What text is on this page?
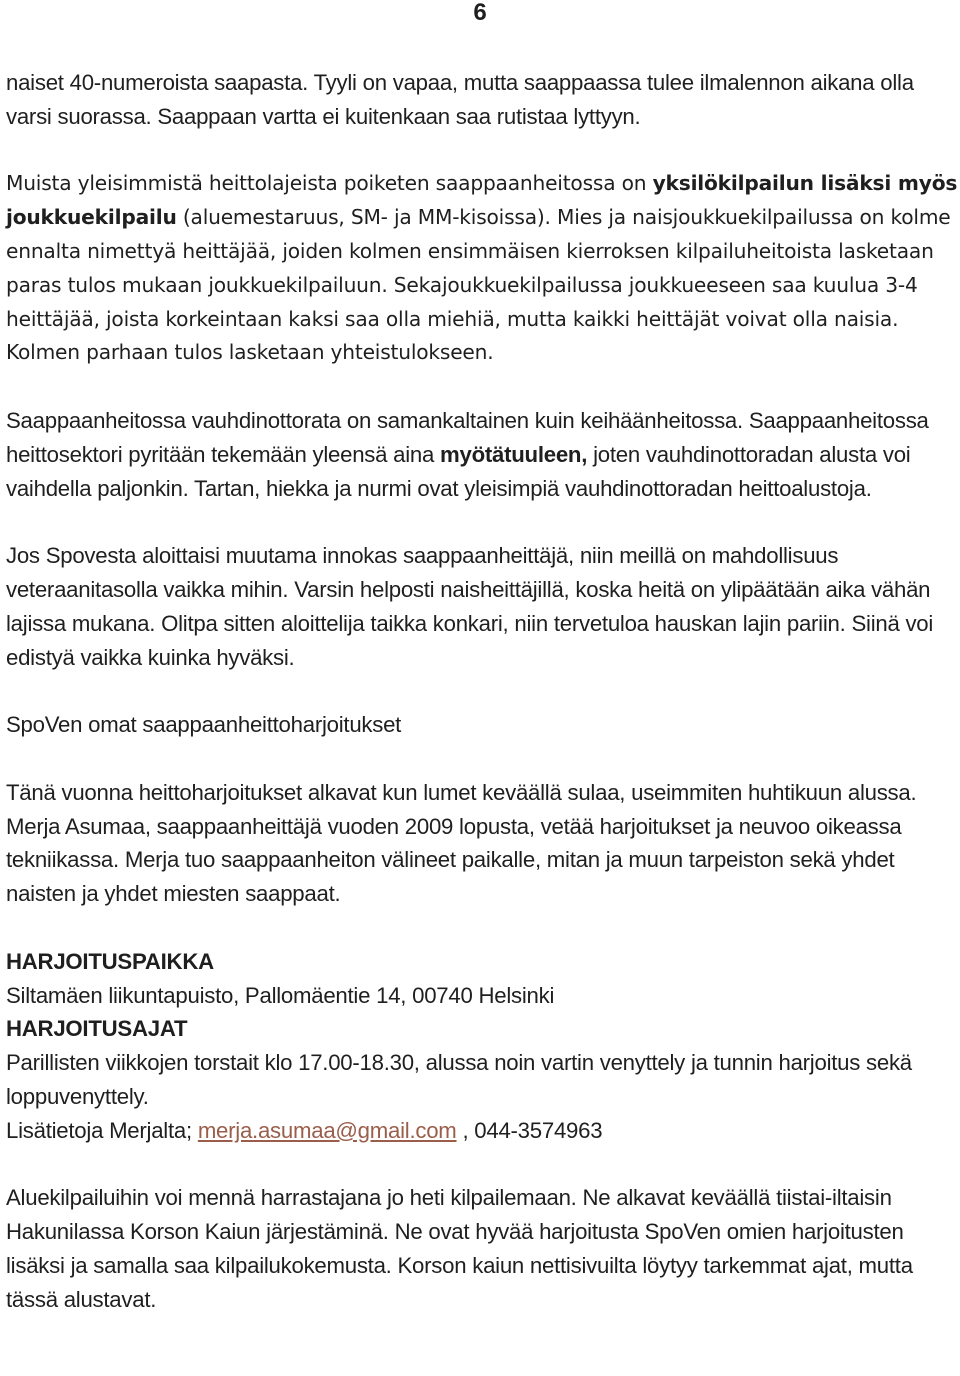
6

naiset 40-numeroista saapasta. Tyyli on vapaa, mutta saappaassa tulee ilmalennon aikana olla varsi suorassa. Saappaan vartta ei kuitenkaan saa rutistaa lyttyyn.

Muista yleisimmistä heittolajeista poiketen saappaanheitossa on yksilökilpailun lisäksi myös joukkuekilpailu (aluemestaruus, SM- ja MM-kisoissa). Mies ja naisjoukkuekilpailussa on kolme ennalta nimettyä heittäjää, joiden kolmen ensimmäisen kierroksen kilpailuheitoista lasketaan paras tulos mukaan joukkuekilpailuun. Sekajoukkuekilpailussa joukkueeseen saa kuulua 3-4 heittäjää, joista korkeintaan kaksi saa olla miehiä, mutta kaikki heittäjät voivat olla naisia. Kolmen parhaan tulos lasketaan yhteistulokseen.

Saappaanheitossa vauhdinottorata on samankaltainen kuin keihäänheitossa. Saappaanheitossa heittosektori pyritään tekemään yleensä aina myötätuuleen, joten vauhdinottoradan alusta voi vaihdella paljonkin. Tartan, hiekka ja nurmi ovat yleisimpiä vauhdinottoradan heittoalustoja.

Jos Spovesta aloittaisi muutama innokas saappaanheittäjä, niin meillä on mahdollisuus veteraanitasolla vaikka mihin. Varsin helposti naisheittäjillä, koska heitä on ylipäätään aika vähän lajissa mukana. Olitpa sitten aloittelija taikka konkari, niin tervetuloa hauskan lajin pariin. Siinä voi edistyä vaikka kuinka hyväksi.

SpoVen omat saappaanheittoharjoitukset

Tänä vuonna heittoharjoitukset alkavat kun lumet keväällä sulaa, useimmiten huhtikuun alussa. Merja Asumaa, saappaanheittäjä vuoden 2009 lopusta, vetää harjoitukset ja neuvoo oikeassa tekniikassa. Merja tuo saappaanheiton välineet paikalle, mitan ja muun tarpeiston sekä yhdet naisten ja yhdet miesten saappaat.

HARJOITUSPAIKKA

Siltamäen liikuntapuisto, Pallomäentie 14, 00740 Helsinki

HARJOITUSAJAT

Parillisten viikkojen torstait klo 17.00-18.30, alussa noin vartin venyttely ja tunnin harjoitus sekä loppuvenyttely.

Lisätietoja Merjalta; merja.asumaa@gmail.com , 044-3574963

Aluekilpailuihin voi mennä harrastajana jo heti kilpailemaan. Ne alkavat keväällä tiistai-iltaisin Hakunilassa Korson Kaiun järjestäminä. Ne ovat hyvää harjoitusta SpoVen omien harjoitusten lisäksi ja samalla saa kilpailukokemusta. Korson kaiun nettisivuilta löytyy tarkemmat ajat, mutta tässä alustavat.
